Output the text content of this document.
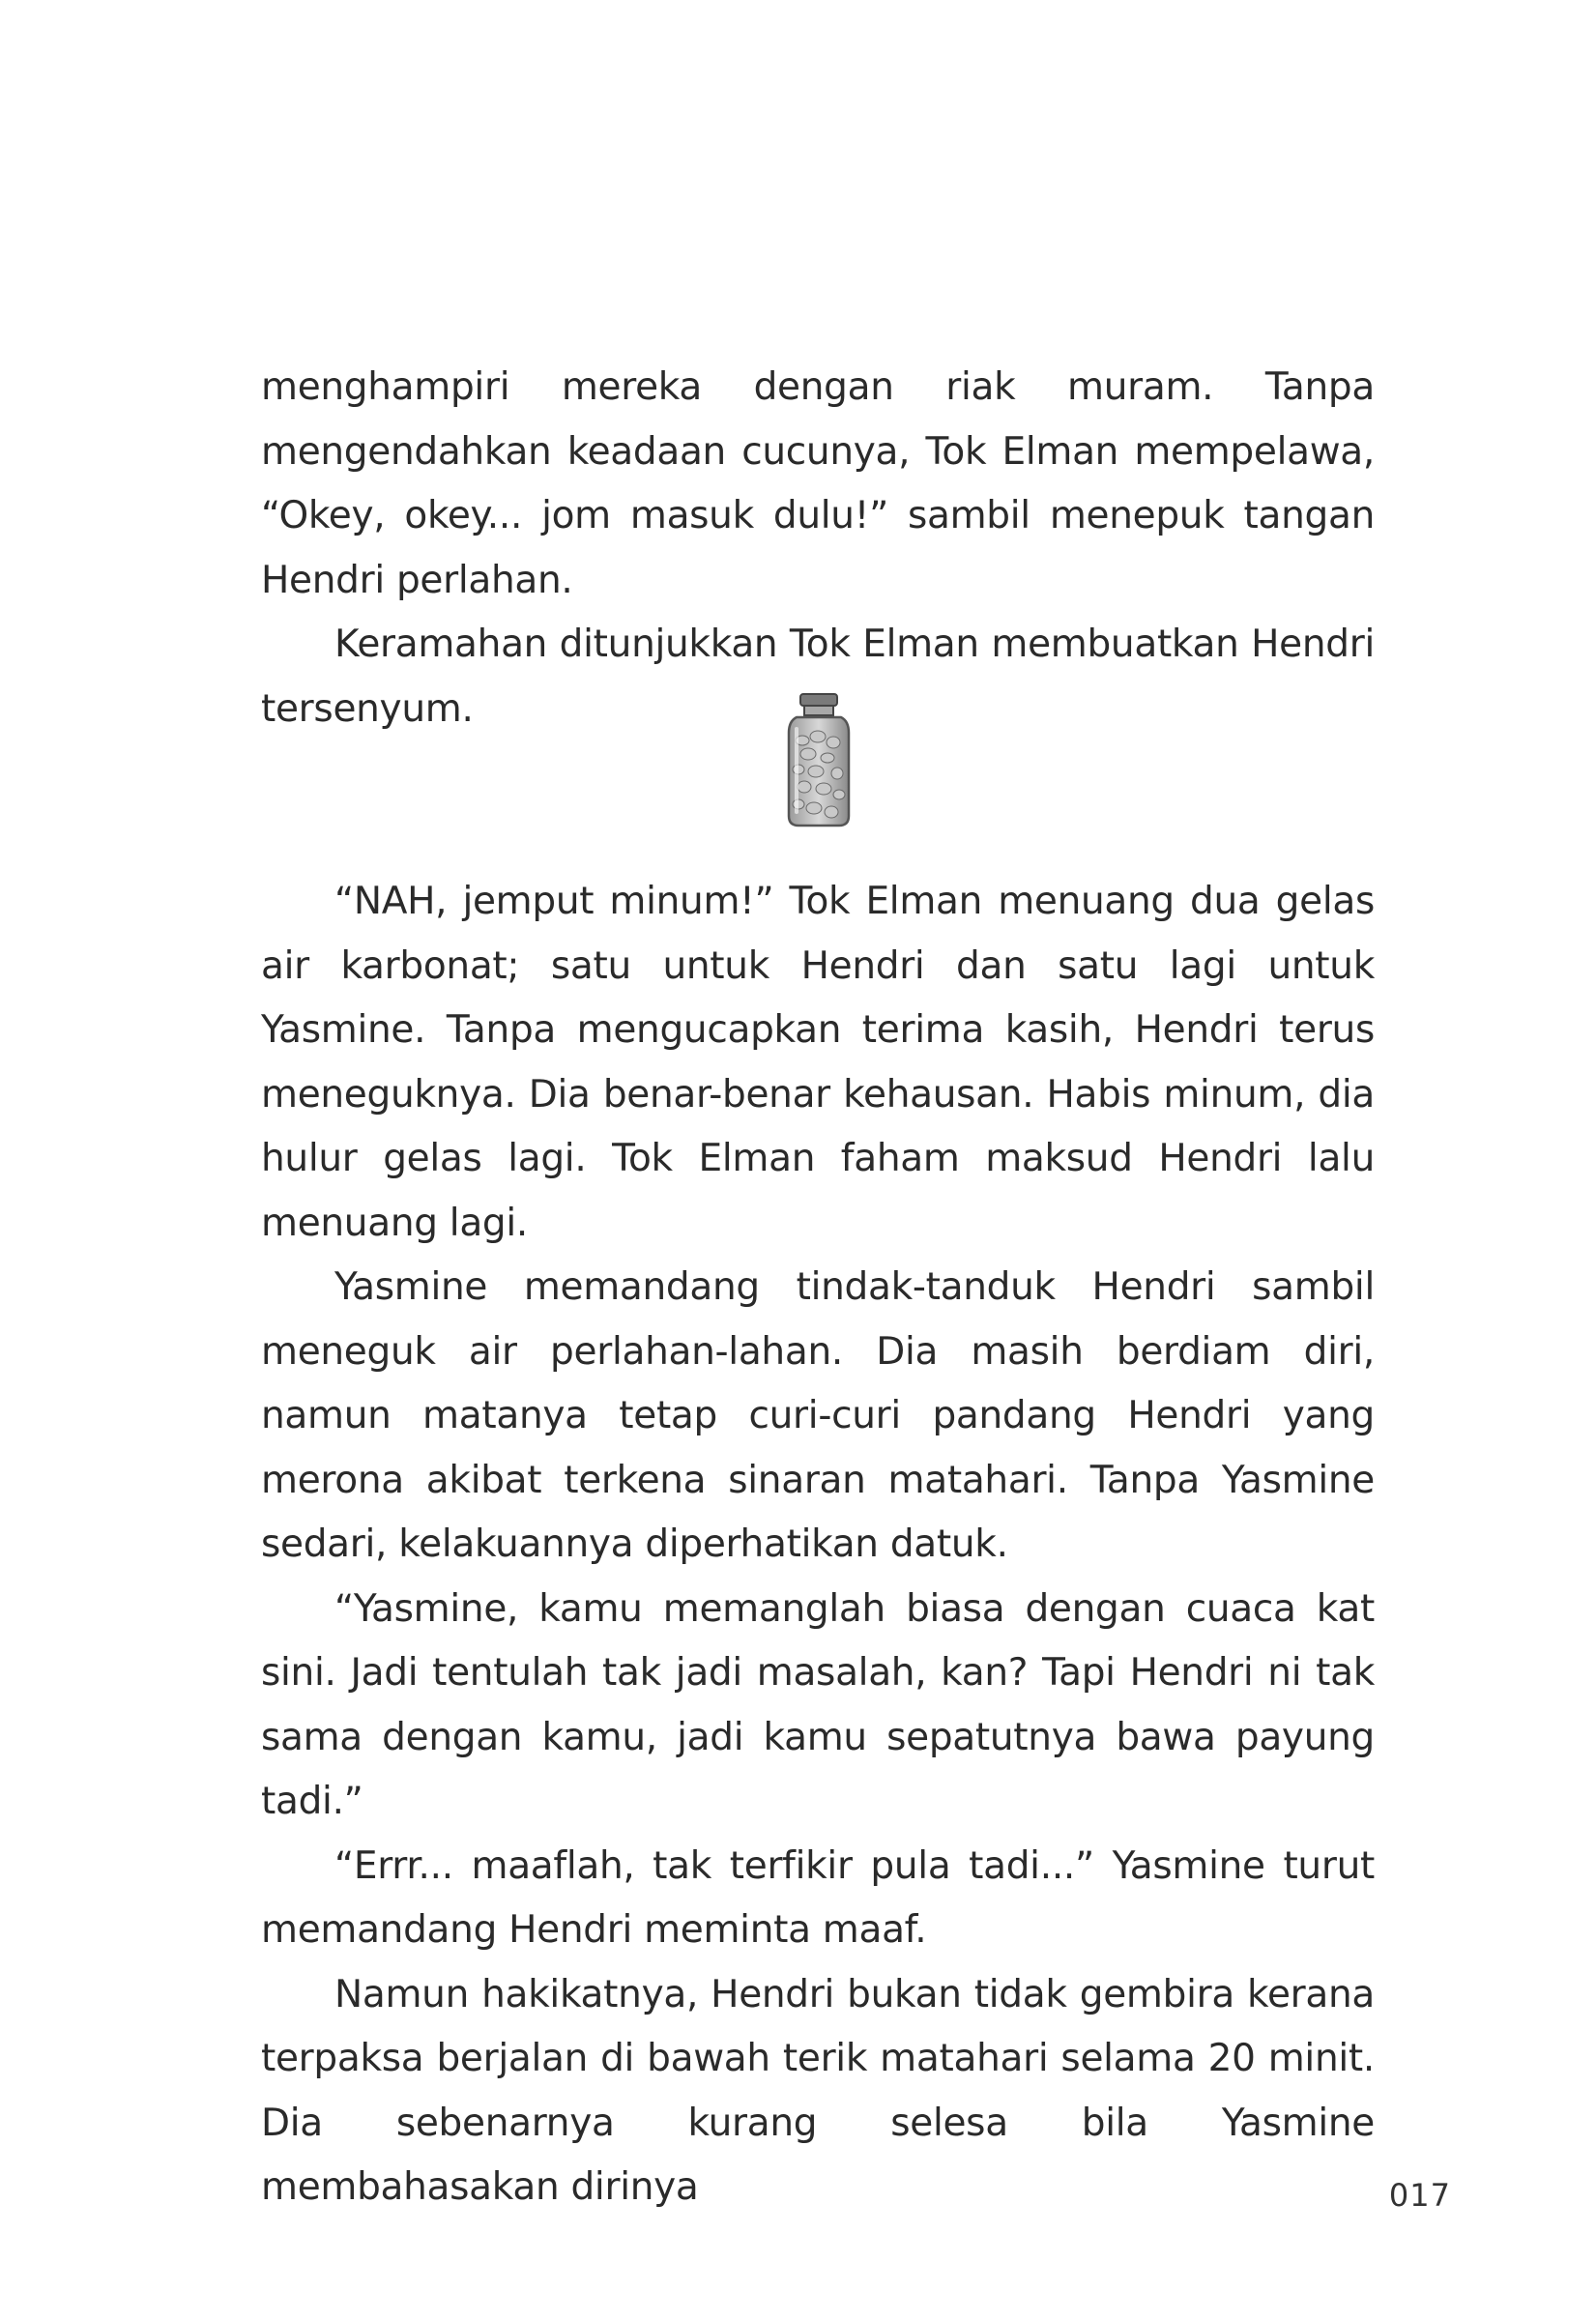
menghampiri mereka dengan riak muram. Tanpa mengendahkan keadaan cucunya, Tok Elman mempelawa, “Okey, okey... jom masuk dulu!” sambil menepuk tangan Hendri perlahan.

Keramahan ditunjukkan Tok Elman membuatkan Hendri tersenyum.

“NAH, jemput minum!” Tok Elman menuang dua gelas air karbonat; satu untuk Hendri dan satu lagi untuk Yasmine. Tanpa mengucapkan terima kasih, Hendri terus meneguknya. Dia benar-benar kehausan. Habis minum, dia hulur gelas lagi. Tok Elman faham maksud Hendri lalu menuang lagi.

Yasmine memandang tindak-tanduk Hendri sambil meneguk air perlahan-lahan. Dia masih berdiam diri, namun matanya tetap curi-curi pandang Hendri yang merona akibat terkena sinaran matahari. Tanpa Yasmine sedari, kelakuannya diperhatikan datuk.

“Yasmine, kamu memanglah biasa dengan cuaca kat sini. Jadi tentulah tak jadi masalah, kan? Tapi Hendri ni tak sama dengan kamu, jadi kamu sepatutnya bawa payung tadi.”

“Errr... maaflah, tak terfikir pula tadi...” Yasmine turut memandang Hendri meminta maaf.

Namun hakikatnya, Hendri bukan tidak gembira kerana terpaksa berjalan di bawah terik matahari selama 20 minit. Dia sebenarnya kurang selesa bila Yasmine membahasakan dirinya	017
